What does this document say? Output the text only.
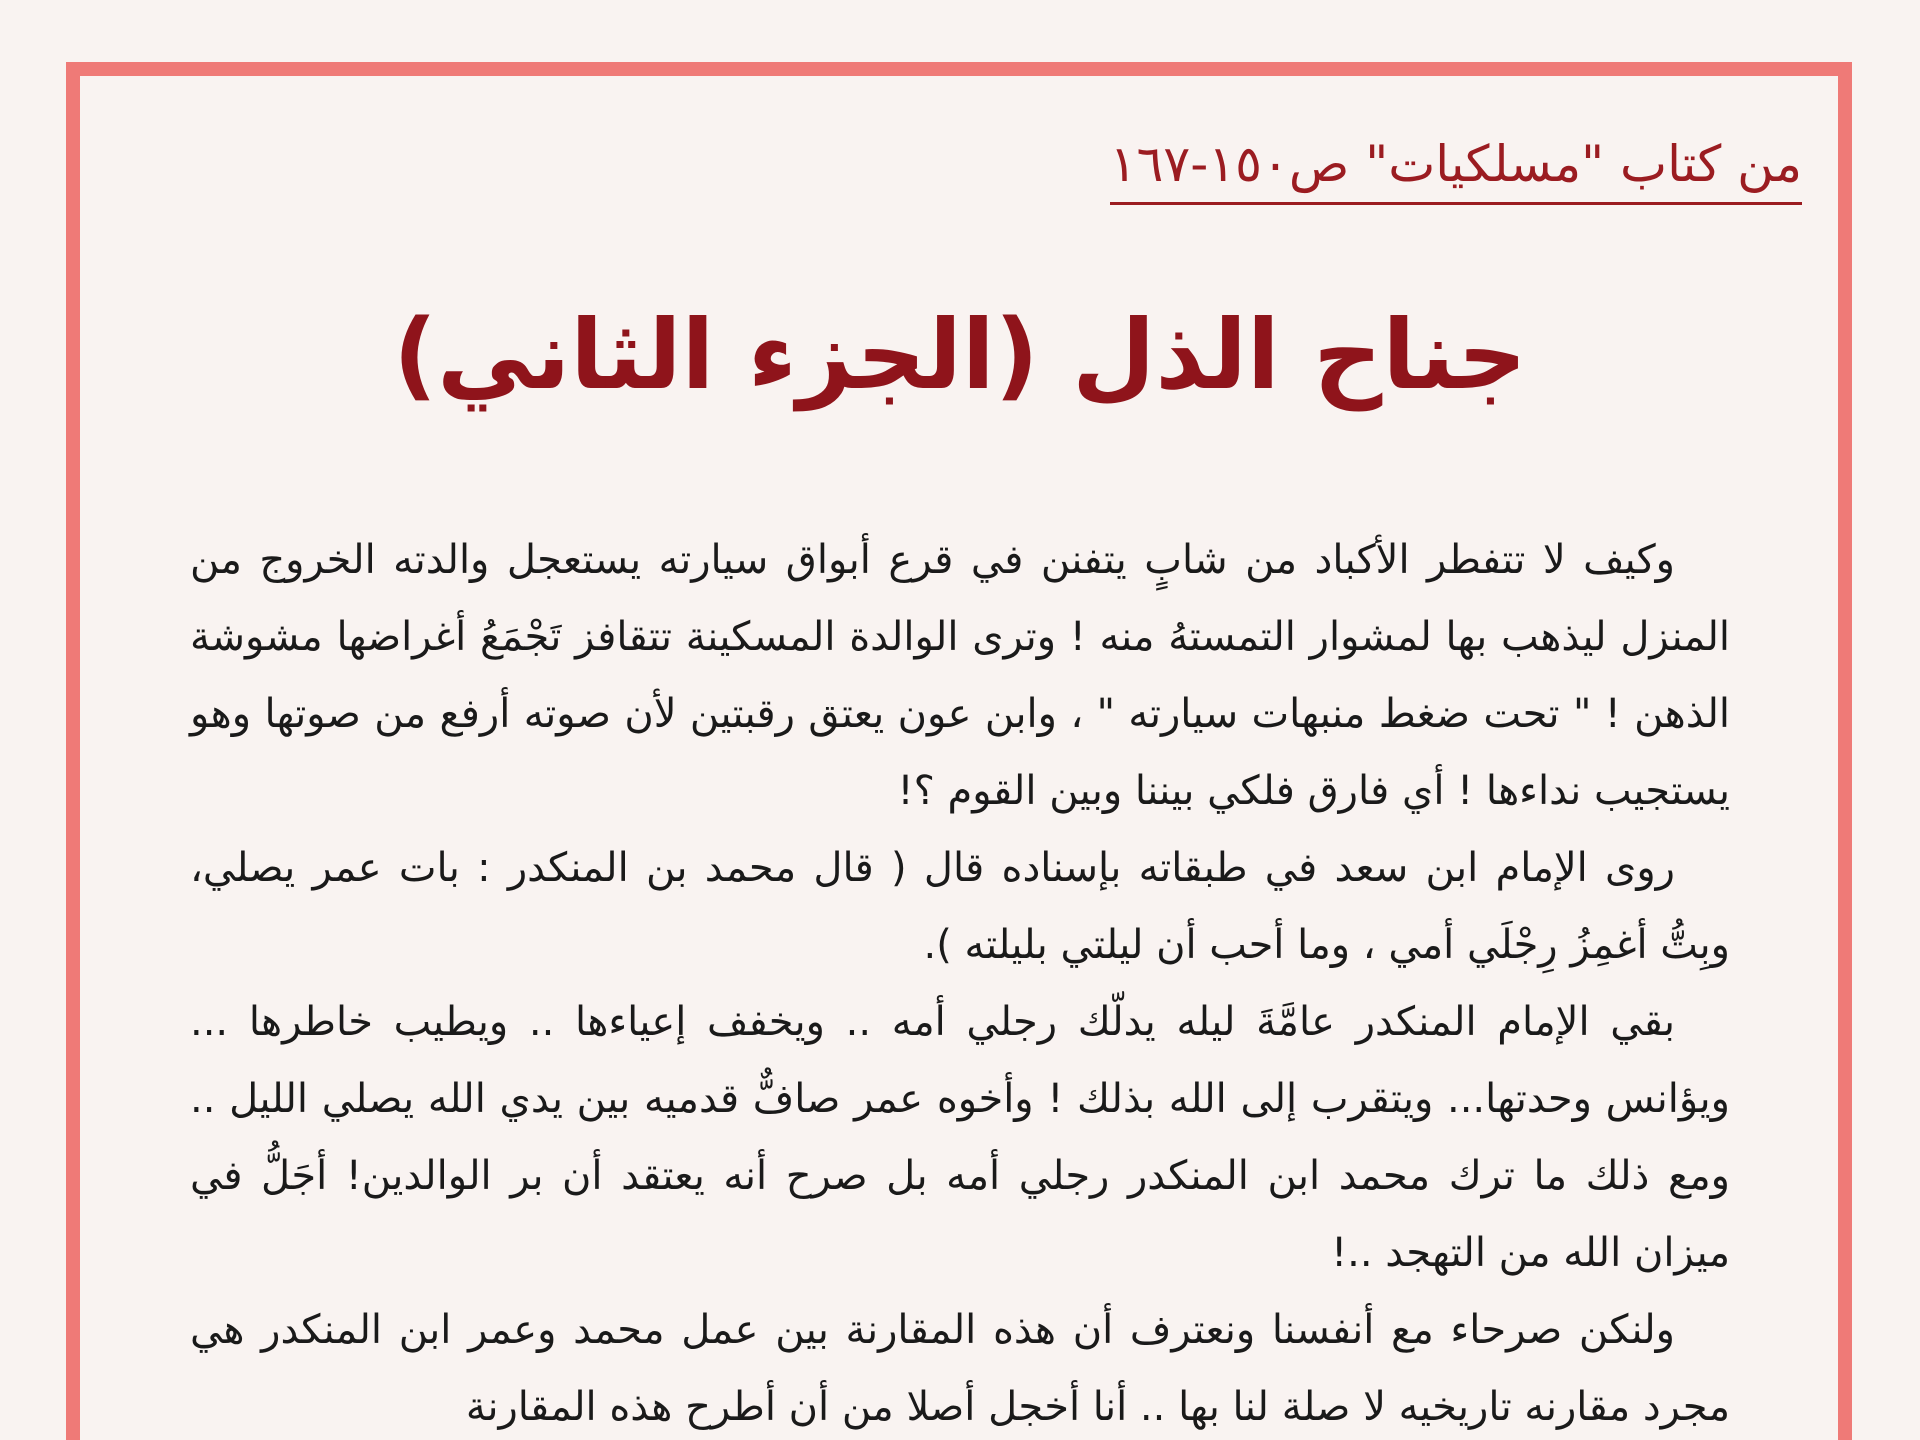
من كتاب "مسلكيات" ص١٥٠-١٦٧

جناح الذل (الجزء الثاني)

وكيف لا تتفطر الأكباد من شابٍ يتفنن في قرع أبواق سيارته يستعجل والدته الخروج من المنزل ليذهب بها لمشوار التمستهُ منه ! وترى الوالدة المسكينة تتقافز تَجْمَعُ أغراضها مشوشة الذهن ! " تحت ضغط منبهات سيارته " ، وابن عون يعتق رقبتين لأن صوته أرفع من صوتها وهو يستجيب نداءها ! أي فارق فلكي بيننا وبين القوم ؟!

روى الإمام ابن سعد في طبقاته بإسناده قال ( قال محمد بن المنكدر : بات عمر يصلي، وبِتُّ أغمِزُ رِجْلَي أمي ، وما أحب أن ليلتي بليلته ).

بقي الإمام المنكدر عامَّةَ ليله يدلّك رجلي أمه .. ويخفف إعياءها .. ويطيب خاطرها ... ويؤانس وحدتها... ويتقرب إلى الله بذلك ! وأخوه عمر صافٌّ قدميه بين يدي الله يصلي الليل .. ومع ذلك ما ترك محمد ابن المنكدر رجلي أمه بل صرح أنه يعتقد أن بر الوالدين! أجَلُّ في ميزان الله من التهجد ..!

ولنكن صرحاء مع أنفسنا ونعترف أن هذه المقارنة بين عمل محمد وعمر ابن المنكدر هي مجرد مقارنه تاريخيه لا صلة لنا بها .. أنا أخجل أصلا من أن أطرح هذه المقارنة
